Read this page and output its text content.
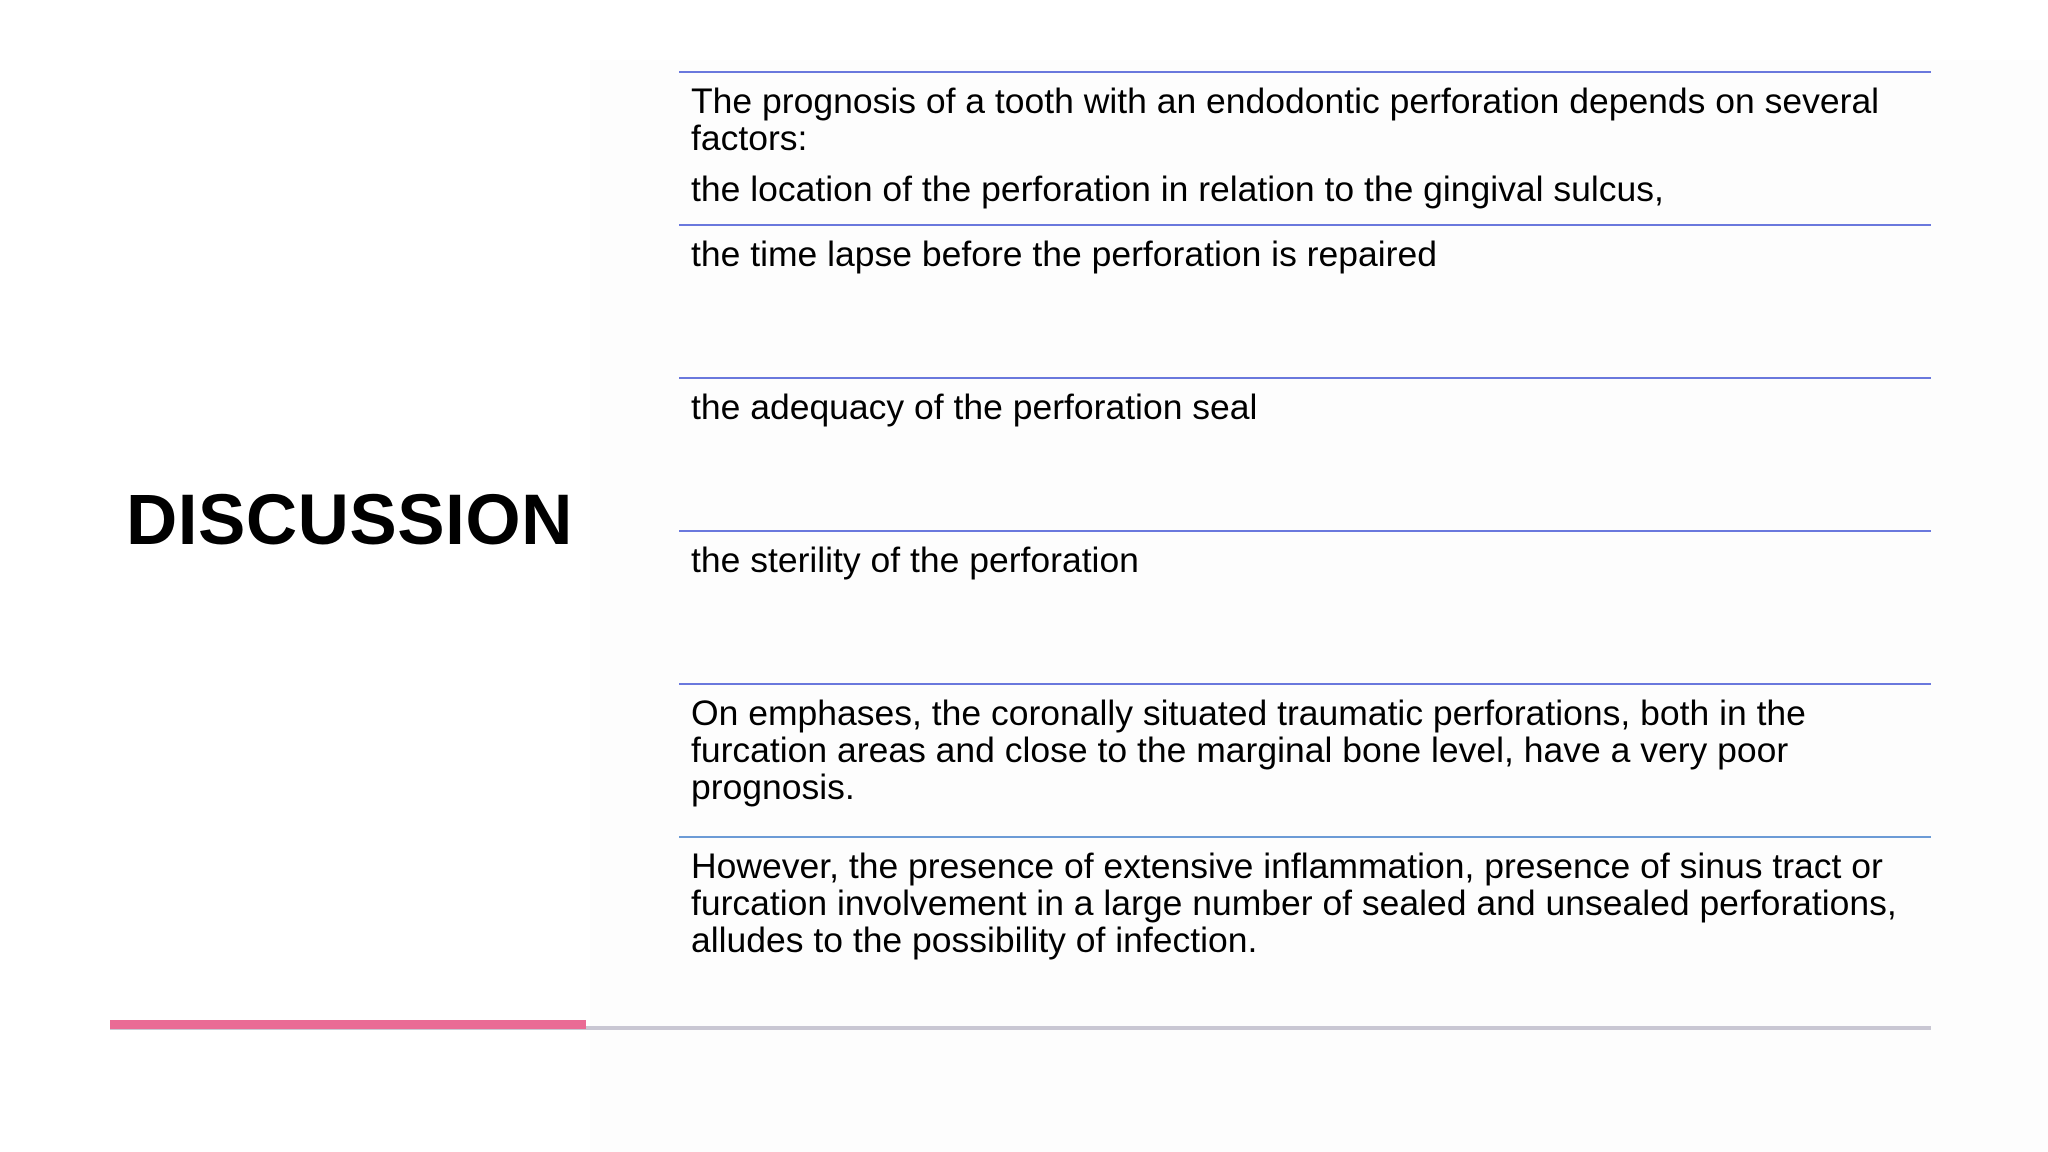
DISCUSSION
The prognosis of a tooth with an endodontic perforation depends on several factors:
the location of the perforation in relation to the gingival sulcus,
the time lapse before the perforation is repaired
the adequacy of the perforation seal
the sterility of the perforation
On emphases, the coronally situated traumatic perforations, both in the furcation areas and close to the marginal bone level, have a very poor prognosis.
However, the presence of extensive inflammation, presence of sinus tract or furcation involvement in a large number of sealed and unsealed perforations, alludes to the possibility of infection.
